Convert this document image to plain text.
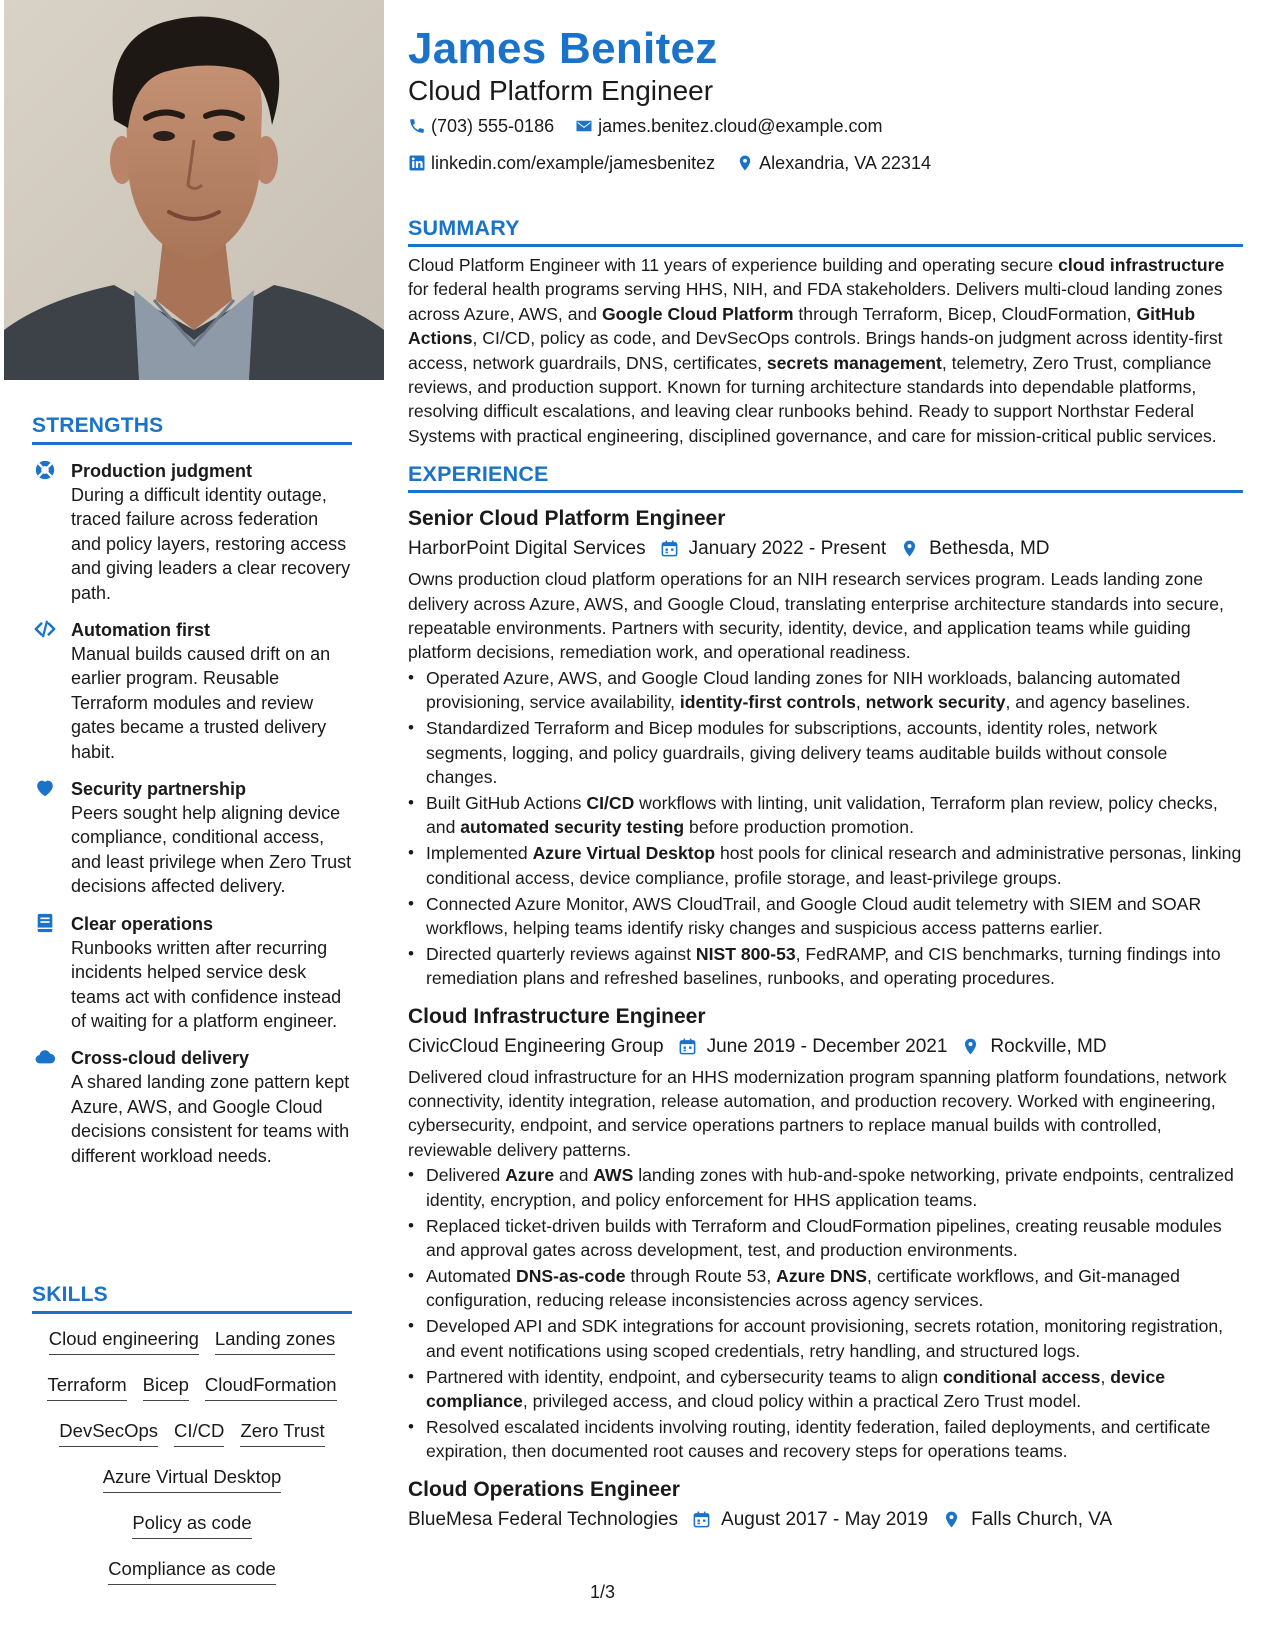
STRENGTHS
Production judgment

During a difficult identity outage, traced failure across federation and policy layers, restoring access and giving leaders a clear recovery path.

Automation first

Manual builds caused drift on an earlier program. Reusable Terraform modules and review gates became a trusted delivery habit.

Security partnership

Peers sought help aligning device compliance, conditional access, and least privilege when Zero Trust decisions affected delivery.

Clear operations

Runbooks written after recurring incidents helped service desk teams act with confidence instead of waiting for a platform engineer.

Cross-cloud delivery

A shared landing zone pattern kept Azure, AWS, and Google Cloud decisions consistent for teams with different workload needs.

SKILLS
Cloud engineering Landing zones
Terraform Bicep CloudFormation
DevSecOps CI/CD Zero Trust
Azure Virtual Desktop
Policy as code
Compliance as code
James Benitez
Cloud Platform Engineer
(703) 555-0186
james.benitez.cloud@example.com
linkedin.com/example/jamesbenitez
Alexandria, VA 22314
SUMMARY

Cloud Platform Engineer with 11 years of experience building and operating secure cloud infrastructure for federal health programs serving HHS, NIH, and FDA stakeholders. Delivers multi-cloud landing zones across Azure, AWS, and Google Cloud Platform through Terraform, Bicep, CloudFormation, GitHub Actions, CI/CD, policy as code, and DevSecOps controls. Brings hands-on judgment across identity-first access, network guardrails, DNS, certificates, secrets management, telemetry, Zero Trust, compliance reviews, and production support. Known for turning architecture standards into dependable platforms, resolving difficult escalations, and leaving clear runbooks behind. Ready to support Northstar Federal Systems with practical engineering, disciplined governance, and care for mission-critical public services.

EXPERIENCE
Senior Cloud Platform Engineer
HarborPoint Digital Services January 2022 - Present Bethesda, MD

Owns production cloud platform operations for an NIH research services program. Leads landing zone delivery across Azure, AWS, and Google Cloud, translating enterprise architecture standards into secure, repeatable environments. Partners with security, identity, device, and application teams while guiding platform decisions, remediation work, and operational readiness.

• Operated Azure, AWS, and Google Cloud landing zones for NIH workloads, balancing automated provisioning, service availability, identity-first controls, network security, and agency baselines.
• Standardized Terraform and Bicep modules for subscriptions, accounts, identity roles, network segments, logging, and policy guardrails, giving delivery teams auditable builds without console changes.
• Built GitHub Actions CI/CD workflows with linting, unit validation, Terraform plan review, policy checks, and automated security testing before production promotion.
• Implemented Azure Virtual Desktop host pools for clinical research and administrative personas, linking conditional access, device compliance, profile storage, and least-privilege groups.
• Connected Azure Monitor, AWS CloudTrail, and Google Cloud audit telemetry with SIEM and SOAR workflows, helping teams identify risky changes and suspicious access patterns earlier.
• Directed quarterly reviews against NIST 800-53, FedRAMP, and CIS benchmarks, turning findings into remediation plans and refreshed baselines, runbooks, and operating procedures.
Cloud Infrastructure Engineer
CivicCloud Engineering Group June 2019 - December 2021 Rockville, MD

Delivered cloud infrastructure for an HHS modernization program spanning platform foundations, network connectivity, identity integration, release automation, and production recovery. Worked with engineering, cybersecurity, endpoint, and service operations partners to replace manual builds with controlled, reviewable delivery patterns.

• Delivered Azure and AWS landing zones with hub-and-spoke networking, private endpoints, centralized identity, encryption, and policy enforcement for HHS application teams.
• Replaced ticket-driven builds with Terraform and CloudFormation pipelines, creating reusable modules and approval gates across development, test, and production environments.
• Automated DNS-as-code through Route 53, Azure DNS, certificate workflows, and Git-managed configuration, reducing release inconsistencies across agency services.
• Developed API and SDK integrations for account provisioning, secrets rotation, monitoring registration, and event notifications using scoped credentials, retry handling, and structured logs.
• Partnered with identity, endpoint, and cybersecurity teams to align conditional access, device compliance, privileged access, and cloud policy within a practical Zero Trust model.
• Resolved escalated incidents involving routing, identity federation, failed deployments, and certificate expiration, then documented root causes and recovery steps for operations teams.
Cloud Operations Engineer
BlueMesa Federal Technologies August 2017 - May 2019 Falls Church, VA
1/3
